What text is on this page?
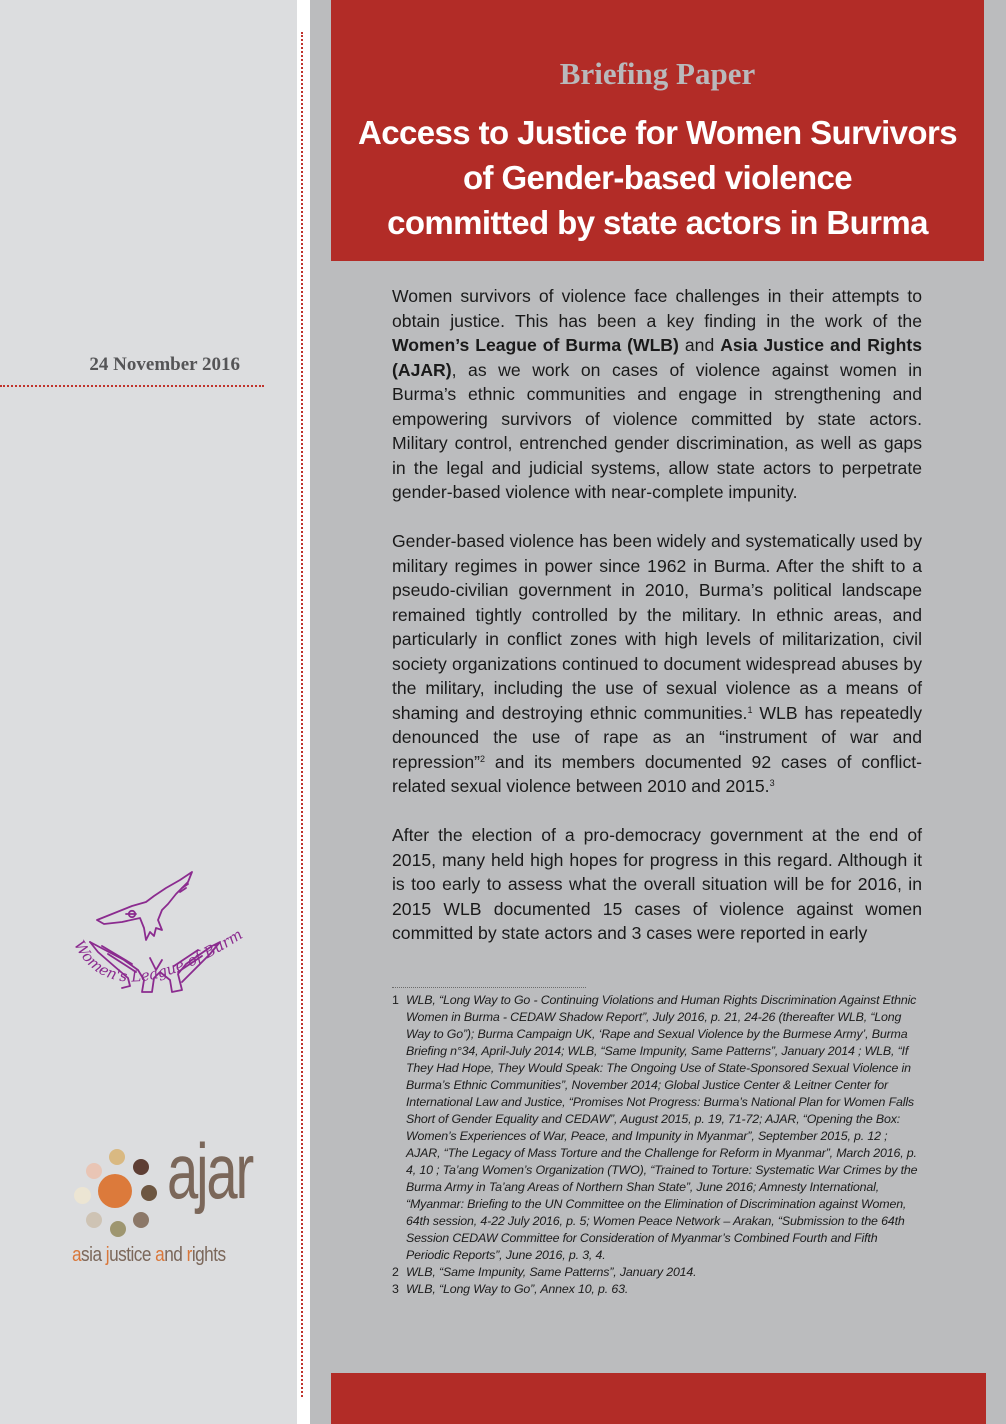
Briefing Paper
Access to Justice for Women Survivors
of Gender-based violence
committed by state actors in Burma
24 November 2016

Women survivors of violence face challenges in their attempts to obtain justice. This has been a key finding in the work of the Women’s League of Burma (WLB) and Asia Justice and Rights (AJAR), as we work on cases of violence against women in Burma’s ethnic communities and engage in strengthening and empowering survivors of violence committed by state actors. Military control, entrenched gender discrimination, as well as gaps in the legal and judicial systems, allow state actors to perpetrate gender-based violence with near-complete impunity.

Gender-based violence has been widely and systematically used by military regimes in power since 1962 in Burma. After the shift to a pseudo-civilian government in 2010, Burma’s political landscape remained tightly controlled by the military. In ethnic areas, and particularly in conflict zones with high levels of militarization, civil society organizations continued to document widespread abuses by the military, including the use of sexual violence as a means of shaming and destroying ethnic communities.$^1$ WLB has repeatedly denounced the use of rape as an “instrument of war and repression”$^2$ and its members documented 92 cases of conflict-related sexual violence between 2010 and 2015.$^3$

After the election of a pro-democracy government at the end of 2015, many held high hopes for progress in this regard. Although it is too early to assess what the overall situation will be for 2016, in 2015 WLB documented 15 cases of violence against women committed by state actors and 3 cases were reported in early

1 WLB, “Long Way to Go - Continuing Violations and Human Rights Discrimination Against Ethnic Women in Burma - CEDAW Shadow Report”, July 2016, p. 21, 24-26 (thereafter WLB, “Long Way to Go”); Burma Campaign UK, ‘Rape and Sexual Violence by the Burmese Army’, Burma Briefing n°34, April-July 2014; WLB, “Same Impunity, Same Patterns”, January 2014 ; WLB, “If They Had Hope, They Would Speak: The Ongoing Use of State-Sponsored Sexual Violence in Burma’s Ethnic Communities”, November 2014; Global Justice Center & Leitner Center for International Law and Justice, “Promises Not Progress: Burma’s National Plan for Women Falls Short of Gender Equality and CEDAW”, August 2015, p. 19, 71-72; AJAR, “Opening the Box: Women’s Experiences of War, Peace, and Impunity in Myanmar”, September 2015, p. 12 ; AJAR, “The Legacy of Mass Torture and the Challenge for Reform in Myanmar”, March 2016, p. 4, 10 ; Ta’ang Women’s Organization (TWO), “Trained to Torture: Systematic War Crimes by the Burma Army in Ta’ang Areas of Northern Shan State”, June 2016; Amnesty International, “Myanmar: Briefing to the UN Committee on the Elimination of Discrimination against Women, 64th session, 4-22 July 2016, p. 5; Women Peace Network – Arakan, “Submission to the 64th Session CEDAW Committee for Consideration of Myanmar’s Combined Fourth and Fifth Periodic Reports”, June 2016, p. 3, 4.
2 WLB, “Same Impunity, Same Patterns”, January 2014.
3 WLB, “Long Way to Go”, Annex 10, p. 63.
Women's League of Burm
ajar
asia justice and rights
